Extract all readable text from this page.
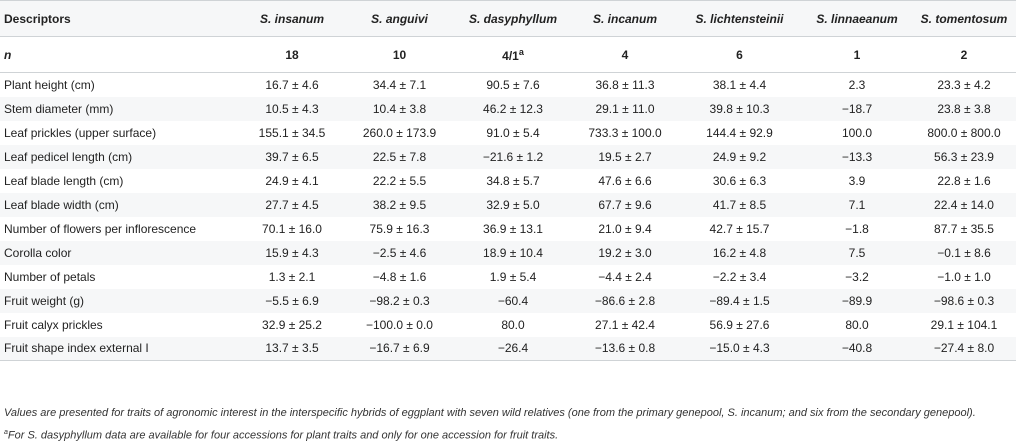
Descriptors	S. insanum	S. anguivi	S. dasyphyllum	S. incanum	S. lichtensteinii	S. linnaeanum	S. tomentosum
n	18	10	4/1$^a$	4	6	1	2
Plant height (cm)	16.7 ± 4.6	34.4 ± 7.1	90.5 ± 7.6	36.8 ± 11.3	38.1 ± 4.4	2.3	23.3 ± 4.2
Stem diameter (mm)	10.5 ± 4.3	10.4 ± 3.8	46.2 ± 12.3	29.1 ± 11.0	39.8 ± 10.3	−18.7	23.8 ± 3.8
Leaf prickles (upper surface)	155.1 ± 34.5	260.0 ± 173.9	91.0 ± 5.4	733.3 ± 100.0	144.4 ± 92.9	100.0	800.0 ± 800.0
Leaf pedicel length (cm)	39.7 ± 6.5	22.5 ± 7.8	−21.6 ± 1.2	19.5 ± 2.7	24.9 ± 9.2	−13.3	56.3 ± 23.9
Leaf blade length (cm)	24.9 ± 4.1	22.2 ± 5.5	34.8 ± 5.7	47.6 ± 6.6	30.6 ± 6.3	3.9	22.8 ± 1.6
Leaf blade width (cm)	27.7 ± 4.5	38.2 ± 9.5	32.9 ± 5.0	67.7 ± 9.6	41.7 ± 8.5	7.1	22.4 ± 14.0
Number of flowers per inflorescence	70.1 ± 16.0	75.9 ± 16.3	36.9 ± 13.1	21.0 ± 9.4	42.7 ± 15.7	−1.8	87.7 ± 35.5
Corolla color	15.9 ± 4.3	−2.5 ± 4.6	18.9 ± 10.4	19.2 ± 3.0	16.2 ± 4.8	7.5	−0.1 ± 8.6
Number of petals	1.3 ± 2.1	−4.8 ± 1.6	1.9 ± 5.4	−4.4 ± 2.4	−2.2 ± 3.4	−3.2	−1.0 ± 1.0
Fruit weight (g)	−5.5 ± 6.9	−98.2 ± 0.3	−60.4	−86.6 ± 2.8	−89.4 ± 1.5	−89.9	−98.6 ± 0.3
Fruit calyx prickles	32.9 ± 25.2	−100.0 ± 0.0	80.0	27.1 ± 42.4	56.9 ± 27.6	80.0	29.1 ± 104.1
Fruit shape index external I	13.7 ± 3.5	−16.7 ± 6.9	−26.4	−13.6 ± 0.8	−15.0 ± 4.3	−40.8	−27.4 ± 8.0
Values are presented for traits of agronomic interest in the interspecific hybrids of eggplant with seven wild relatives (one from the primary genepool, S. incanum; and six from the secondary genepool).
$^a$For S. dasyphyllum data are available for four accessions for plant traits and only for one accession for fruit traits.
